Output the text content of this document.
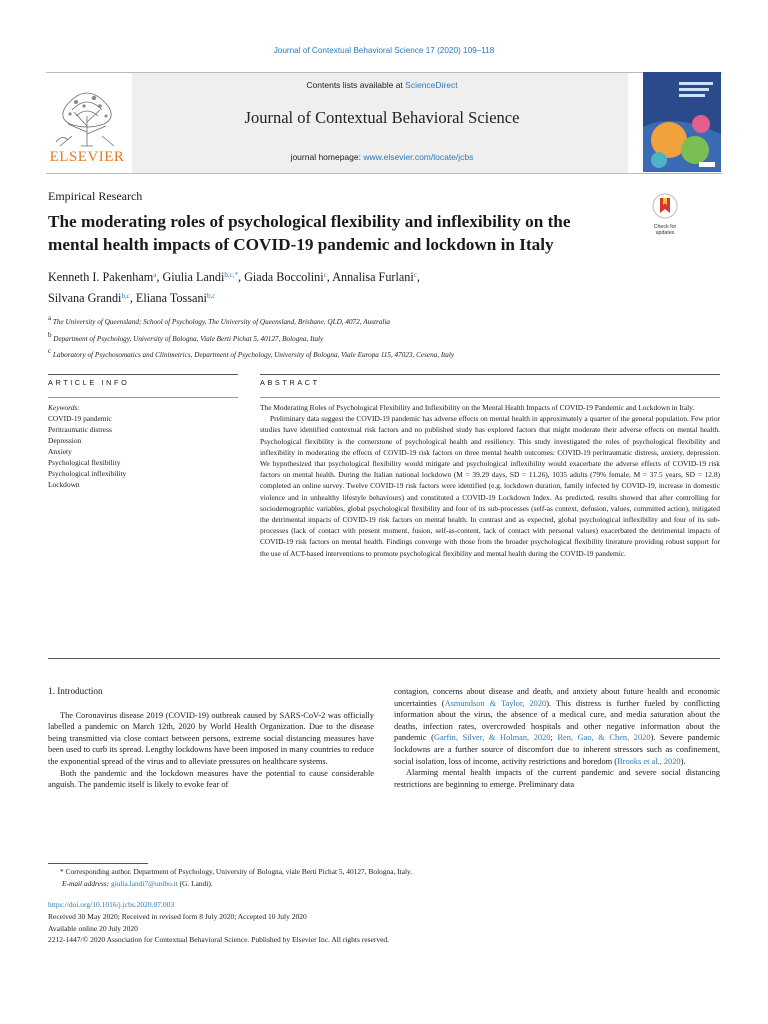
Journal of Contextual Behavioral Science 17 (2020) 109–118
ELSEVIER
Contents lists available at ScienceDirect
Journal of Contextual Behavioral Science
journal homepage: www.elsevier.com/locate/jcbs
Empirical Research
The moderating roles of psychological flexibility and inflexibility on the mental health impacts of COVID-19 pandemic and lockdown in Italy
Check for
updates
Kenneth I. Pakenham$^a$, Giulia Landi$^{b,c,*}$, Giada Boccolini$^c$, Annalisa Furlani$^c$,
Silvana Grandi$^{b,c}$, Eliana Tossani$^{b,c}$
$^a$ The University of Queensland; School of Psychology, The University of Queensland, Brisbane, QLD, 4072, Australia
$^b$ Department of Psychology, University of Bologna, Viale Berti Pichat 5, 40127, Bologna, Italy
$^c$ Laboratory of Psychosomatics and Clinimetrics, Department of Psychology, University of Bologna, Viale Europa 115, 47023, Cesena, Italy
ARTICLE INFO	ABSTRACT
Keywords:
COVID-19 pandemic
Peritraumatic distress
Depression
Anxiety
Psychological flexibility
Psychological inflexibility
Lockdown

The Moderating Roles of Psychological Flexibility and Inflexibility on the Mental Health Impacts of COVID-19 Pandemic and Lockdown in Italy.

Preliminary data suggest the COVID-19 pandemic has adverse effects on mental health in approximately a quarter of the general population. Few prior studies have identified contextual risk factors and no published study has explored factors that might moderate their adverse effects on mental health. Psychological flexibility is the cornerstone of psychological health and resiliency. This study investigated the roles of psychological flexibility and inflexibility in moderating the effects of COVID-19 risk factors on three mental health outcomes: COVID-19 peritraumatic distress, anxiety, depression. We hypothesized that psychological flexibility would mitigate and psychological inflexibility would exacerbate the adverse effects of COVID-19 risk factors on mental health. During the Italian national lockdown (M = 39.29 days, SD = 11.26), 1035 adults (79% female, M = 37.5 years, SD = 12.8) completed an online survey. Twelve COVID-19 risk factors were identified (e.g. lockdown duration, family infected by COVID-19, increase in domestic violence and in unhealthy lifestyle behaviours) and constituted a COVID-19 Lockdown Index. As predicted, results showed that after controlling for sociodemographic variables, global psychological flexibility and four of its sub-processes (self-as context, defusion, values, committed action), mitigated the detrimental impacts of COVID-19 risk factors on mental health. In contrast and as expected, global psychological inflexibility and four of its sub-processes (lack of contact with present moment, fusion, self-as-content, lack of contact with personal values) exacerbated the detrimental impacts of COVID-19 risk factors on mental health. Findings converge with those from the broader psychological flexibility literature providing robust support for the use of ACT-based interventions to promote psychological flexibility and mental health during the COVID-19 pandemic.

1. Introduction

The Coronavirus disease 2019 (COVID-19) outbreak caused by SARS-CoV-2 was officially labelled a pandemic on March 12th, 2020 by World Health Organization. Due to the disease being transmitted via close contact between persons, extreme social distancing measures have been used to curb its spread. Lengthy lockdowns have been imposed in many countries to reduce the exponential spread of the virus and to alleviate pressures on healthcare systems.

Both the pandemic and the lockdown measures have the potential to cause considerable anguish. The pandemic itself is likely to evoke fear of

contagion, concerns about disease and death, and anxiety about future health and economic uncertainties (Asmundson & Taylor, 2020). This distress is further fueled by conflicting information about the virus, the absence of a medical cure, and media saturation about the deaths, infection rates, overcrowded hospitals and other negative information about the pandemic (Garfin, Silver, & Holman, 2020; Ren, Gao, & Chen, 2020). Severe pandemic lockdowns are a further source of discomfort due to inherent stressors such as confinement, social isolation, loss of income, activity restrictions and boredom (Brooks et al., 2020).

Alarming mental health impacts of the current pandemic and severe social distancing restrictions are beginning to emerge. Preliminary data

* Corresponding author. Department of Psychology, University of Bologna, viale Berti Pichat 5, 40127, Bologna, Italy.
E-mail address: giulia.landi7@unibo.it (G. Landi).
https://doi.org/10.1016/j.jcbs.2020.07.003
Received 30 May 2020; Received in revised form 8 July 2020; Accepted 10 July 2020
Available online 20 July 2020
2212-1447/© 2020 Association for Contextual Behavioral Science. Published by Elsevier Inc. All rights reserved.
